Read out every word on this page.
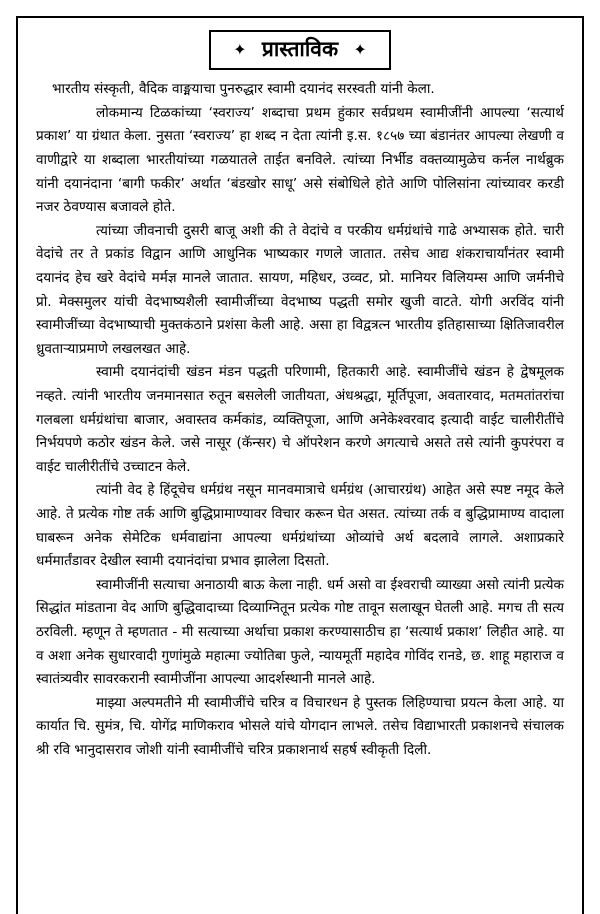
✦ प्रास्ताविक ✦

भारतीय संस्कृती, वैदिक वाङ्मयाचा पुनरुद्धार स्वामी दयानंद सरस्वती यांनी केला.

लोकमान्य टिळकांच्या ‘स्वराज्य’ शब्दाचा प्रथम हुंकार सर्वप्रथम स्वामीजींनी आपल्या ‘सत्यार्थ प्रकाश’ या ग्रंथात केला. नुसता ‘स्वराज्य’ हा शब्द न देता त्यांनी इ.स. १८५७ च्या बंडानंतर आपल्या लेखणी व वाणीद्वारे या शब्दाला भारतीयांच्या गळयातले ताईत बनविले. त्यांच्या निर्भीड वक्तव्यामुळेच कर्नल नार्थब्रुक यांनी दयानंदाना ‘बागी फकीर’ अर्थात ‘बंडखोर साधू’ असे संबोधिले होते आणि पोलिसांना त्यांच्यावर करडी नजर ठेवण्यास बजावले होते.

त्यांच्या जीवनाची दुसरी बाजू अशी की ते वेदांचे व परकीय धर्मग्रंथांचे गाढे अभ्यासक होते. चारी वेदांचे तर ते प्रकांड विद्वान आणि आधुनिक भाष्यकार गणले जातात. तसेच आद्य शंकराचार्यांनंतर स्वामी दयानंद हेच खरे वेदांचे मर्मज्ञ मानले जातात. सायण, महिधर, उव्वट, प्रो. मानियर विलियम्स आणि जर्मनीचे प्रो. मेक्समुलर यांची वेदभाष्यशैली स्वामीजींच्या वेदभाष्य पद्धती समोर खुजी वाटते. योगी अरविंद यांनी स्वामीजींच्या वेदभाष्याची मुक्तकंठाने प्रशंसा केली आहे. असा हा विद्वत्रत्न भारतीय इतिहासाच्या क्षितिजावरील ध्रुवताऱ्याप्रमाणे लखलखत आहे.

स्वामी दयानंदांची खंडन मंडन पद्धती परिणामी, हितकारी आहे. स्वामीजींचे खंडन हे द्वेषमूलक नव्हते. त्यांनी भारतीय जनमानसात रुतून बसलेली जातीयता, अंधश्रद्धा, मूर्तिपूजा, अवतारवाद, मतमतांतरांचा गलबला धर्मग्रंथांचा बाजार, अवास्तव कर्मकांड, व्यक्तिपूजा, आणि अनेकेश्वरवाद इत्यादी वाईट चालीरीतींचे निर्भयपणे कठोर खंडन केले. जसे नासूर (कॅन्सर) चे ऑपरेशन करणे अगत्याचे असते तसे त्यांनी कुपरंपरा व वाईट चालीरीतींचे उच्चाटन केले.

त्यांनी वेद हे हिंदूचेच धर्मग्रंथ नसून मानवमात्राचे धर्मग्रंथ (आचारग्रंथ) आहेत असे स्पष्ट नमूद केले आहे. ते प्रत्येक गोष्ट तर्क आणि बुद्धिप्रामाण्यावर विचार करून घेत असत. त्यांच्या तर्क व बुद्धिप्रामाण्य वादाला घाबरून अनेक सेमेटिक धर्मवाद्यांना आपल्या धर्मग्रंथांच्या ओव्यांचे अर्थ बदलावे लागले. अशाप्रकारे धर्ममार्तंडावर देखील स्वामी दयानंदांचा प्रभाव झालेला दिसतो.

स्वामीजींनी सत्याचा अनाठायी बाऊ केला नाही. धर्म असो वा ईश्वराची व्याख्या असो त्यांनी प्रत्येक सिद्धांत मांडताना वेद आणि बुद्धिवादाच्या दिव्याग्नितून प्रत्येक गोष्ट तावून सलाखून घेतली आहे. मगच ती सत्य ठरविली. म्हणून ते म्हणतात - मी सत्याच्या अर्थाचा प्रकाश करण्यासाठीच हा ‘सत्यार्थ प्रकाश’ लिहीत आहे. या व अशा अनेक सुधारवादी गुणांमुळे महात्मा ज्योतिबा फुले, न्यायमूर्ती महादेव गोविंद रानडे, छ. शाहू महाराज व स्वातंत्र्यवीर सावरकरानी स्वामीजींना आपल्या आदर्शस्थानी मानले आहे.

माझ्या अल्पमतीने मी स्वामीजींचे चरित्र व विचारधन हे पुस्तक लिहिण्याचा प्रयत्न केला आहे. या कार्यात चि. सुमंत्र, चि. योगेंद्र माणिकराव भोसले यांचे योगदान लाभले. तसेच विद्याभारती प्रकाशनचे संचालक श्री रवि भानुदासराव जोशी यांनी स्वामीजींचे चरित्र प्रकाशनार्थ सहर्ष स्वीकृती दिली.
